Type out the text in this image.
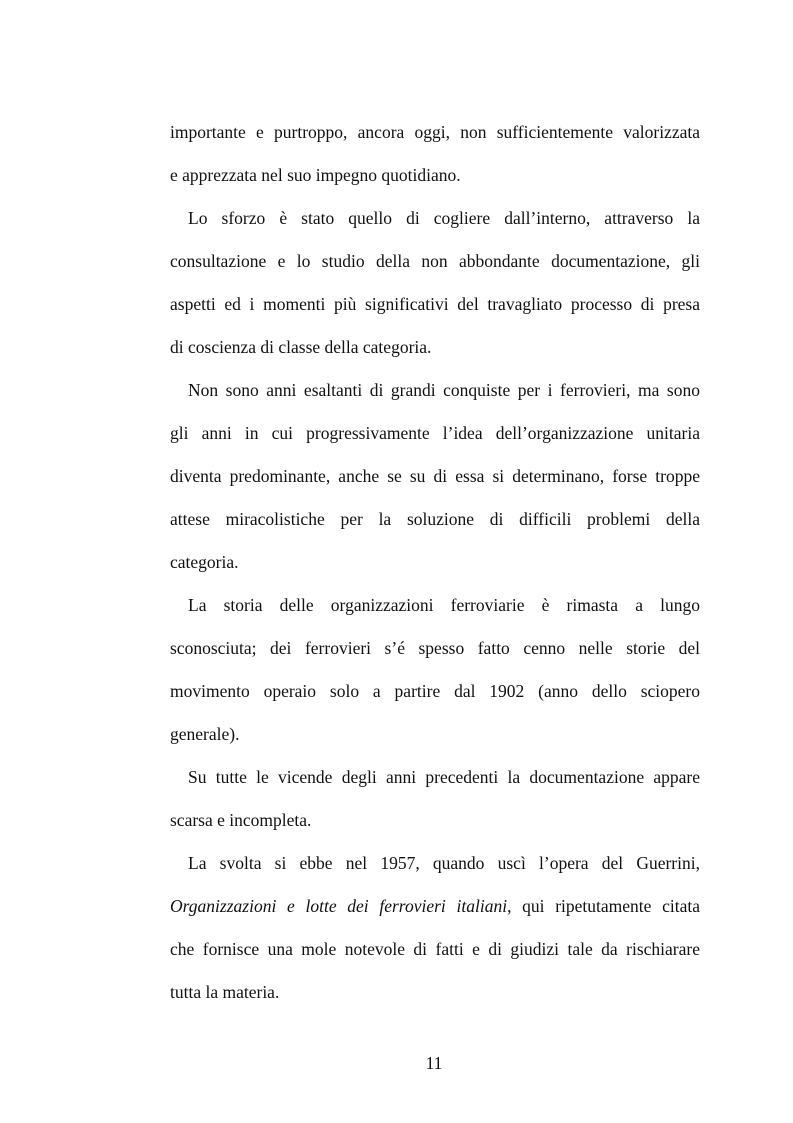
importante e purtroppo, ancora oggi, non sufficientemente valorizzata
e apprezzata nel suo impegno quotidiano.
Lo sforzo è stato quello di cogliere dall’interno, attraverso la
consultazione e lo studio della non abbondante documentazione, gli
aspetti ed i momenti più significativi del travagliato processo di presa
di coscienza di classe della categoria.
Non sono anni esaltanti di grandi conquiste per i ferrovieri, ma sono
gli anni in cui progressivamente l’idea dell’organizzazione unitaria
diventa predominante, anche se su di essa si determinano, forse troppe
attese miracolistiche per la soluzione di difficili problemi della
categoria.
La storia delle organizzazioni ferroviarie è rimasta a lungo
sconosciuta; dei ferrovieri s’é spesso fatto cenno nelle storie del
movimento operaio solo a partire dal 1902 (anno dello sciopero
generale).
Su tutte le vicende degli anni precedenti la documentazione appare
scarsa e incompleta.
La svolta si ebbe nel 1957, quando uscì l’opera del Guerrini,
Organizzazioni e lotte dei ferrovieri italiani, qui ripetutamente citata
che fornisce una mole notevole di fatti e di giudizi tale da rischiarare
tutta la materia.
11
